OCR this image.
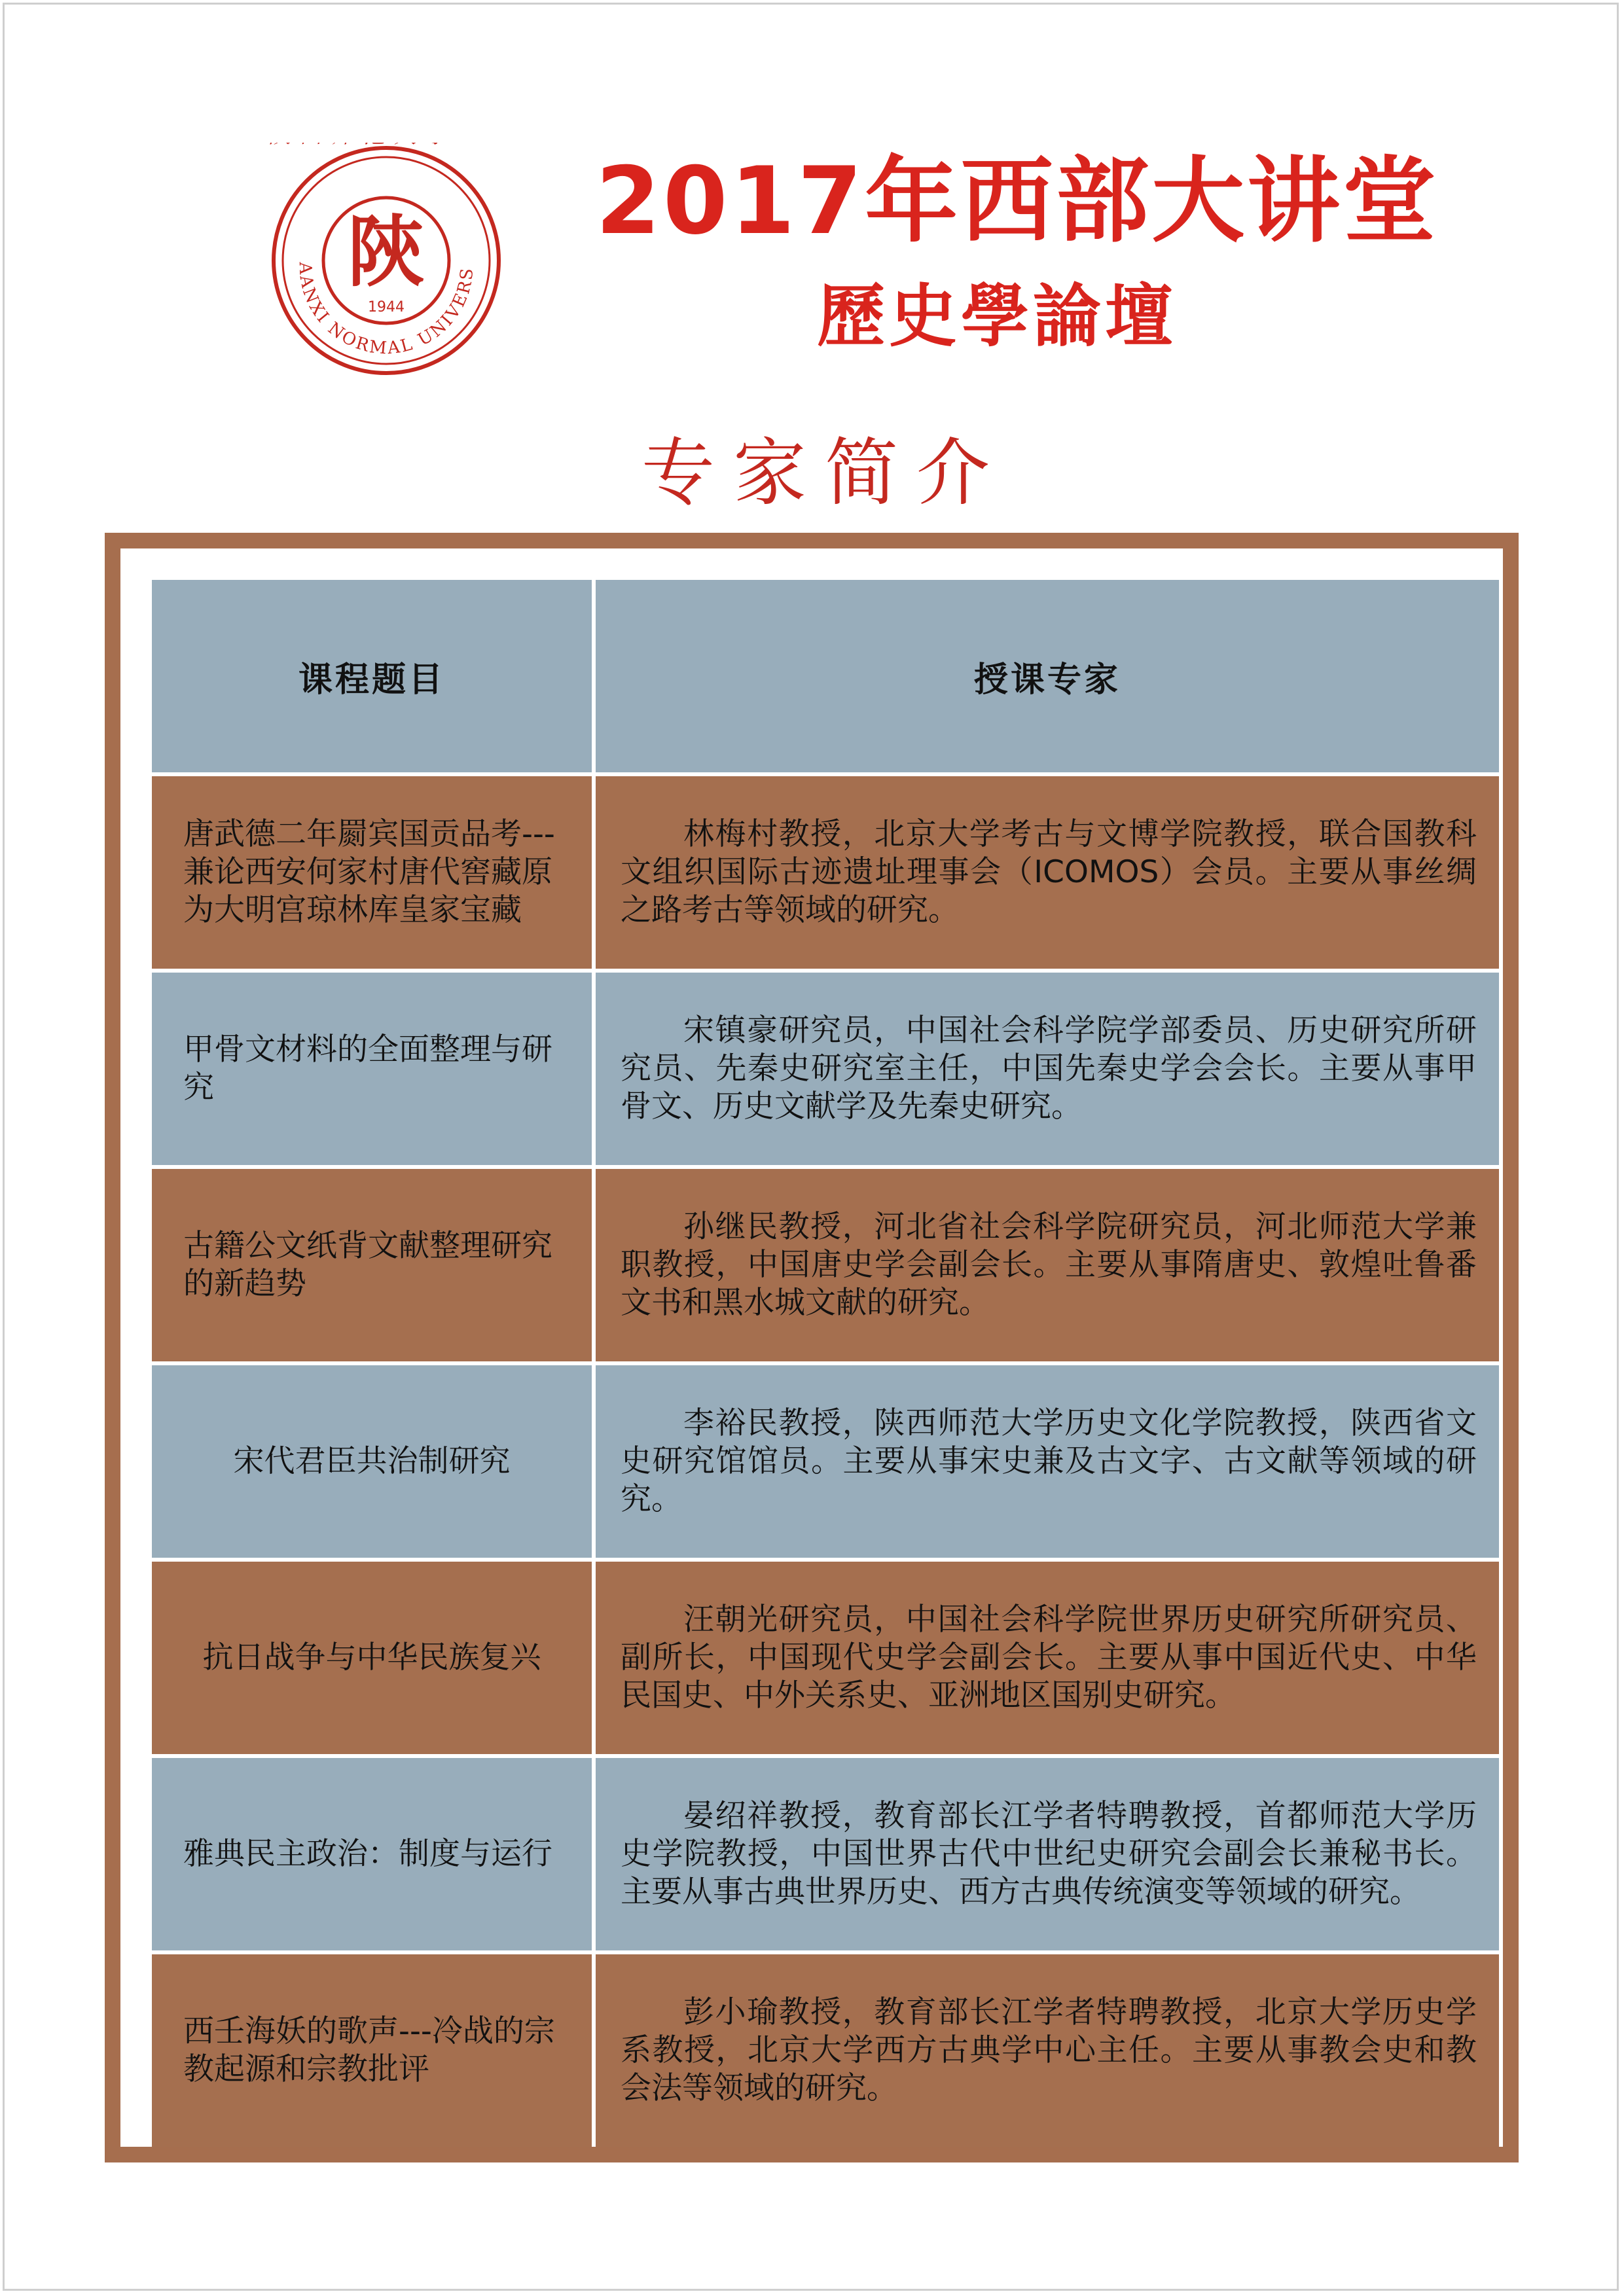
AANXI NORMAL UNIVERS
陝
1944
2017年西部大讲堂
歷史學論壇
专家简介
课程题目	授课专家
唐武德二年罽宾国贡品考---兼论西安何家村唐代窖藏原为大明宫琼林库皇家宝藏	林梅村教授，北京大学考古与文博学院教授，联合国教科文组织国际古迹遗址理事会（ICOMOS）会员。主要从事丝绸之路考古等领域的研究。
甲骨文材料的全面整理与研究	宋镇豪研究员，中国社会科学院学部委员、历史研究所研究员、先秦史研究室主任，中国先秦史学会会长。主要从事甲骨文、历史文献学及先秦史研究。
古籍公文纸背文献整理研究的新趋势	孙继民教授，河北省社会科学院研究员，河北师范大学兼职教授，中国唐史学会副会长。主要从事隋唐史、敦煌吐鲁番文书和黑水城文献的研究。
宋代君臣共治制研究	李裕民教授，陕西师范大学历史文化学院教授，陕西省文史研究馆馆员。主要从事宋史兼及古文字、古文献等领域的研究。
抗日战争与中华民族复兴	汪朝光研究员，中国社会科学院世界历史研究所研究员、副所长，中国现代史学会副会长。主要从事中国近代史、中华民国史、中外关系史、亚洲地区国别史研究。
雅典民主政治：制度与运行	晏绍祥教授，教育部长江学者特聘教授，首都师范大学历史学院教授，中国世界古代中世纪史研究会副会长兼秘书长。主要从事古典世界历史、西方古典传统演变等领域的研究。
西壬海妖的歌声---冷战的宗教起源和宗教批评	彭小瑜教授，教育部长江学者特聘教授，北京大学历史学系教授，北京大学西方古典学中心主任。主要从事教会史和教会法等领域的研究。
